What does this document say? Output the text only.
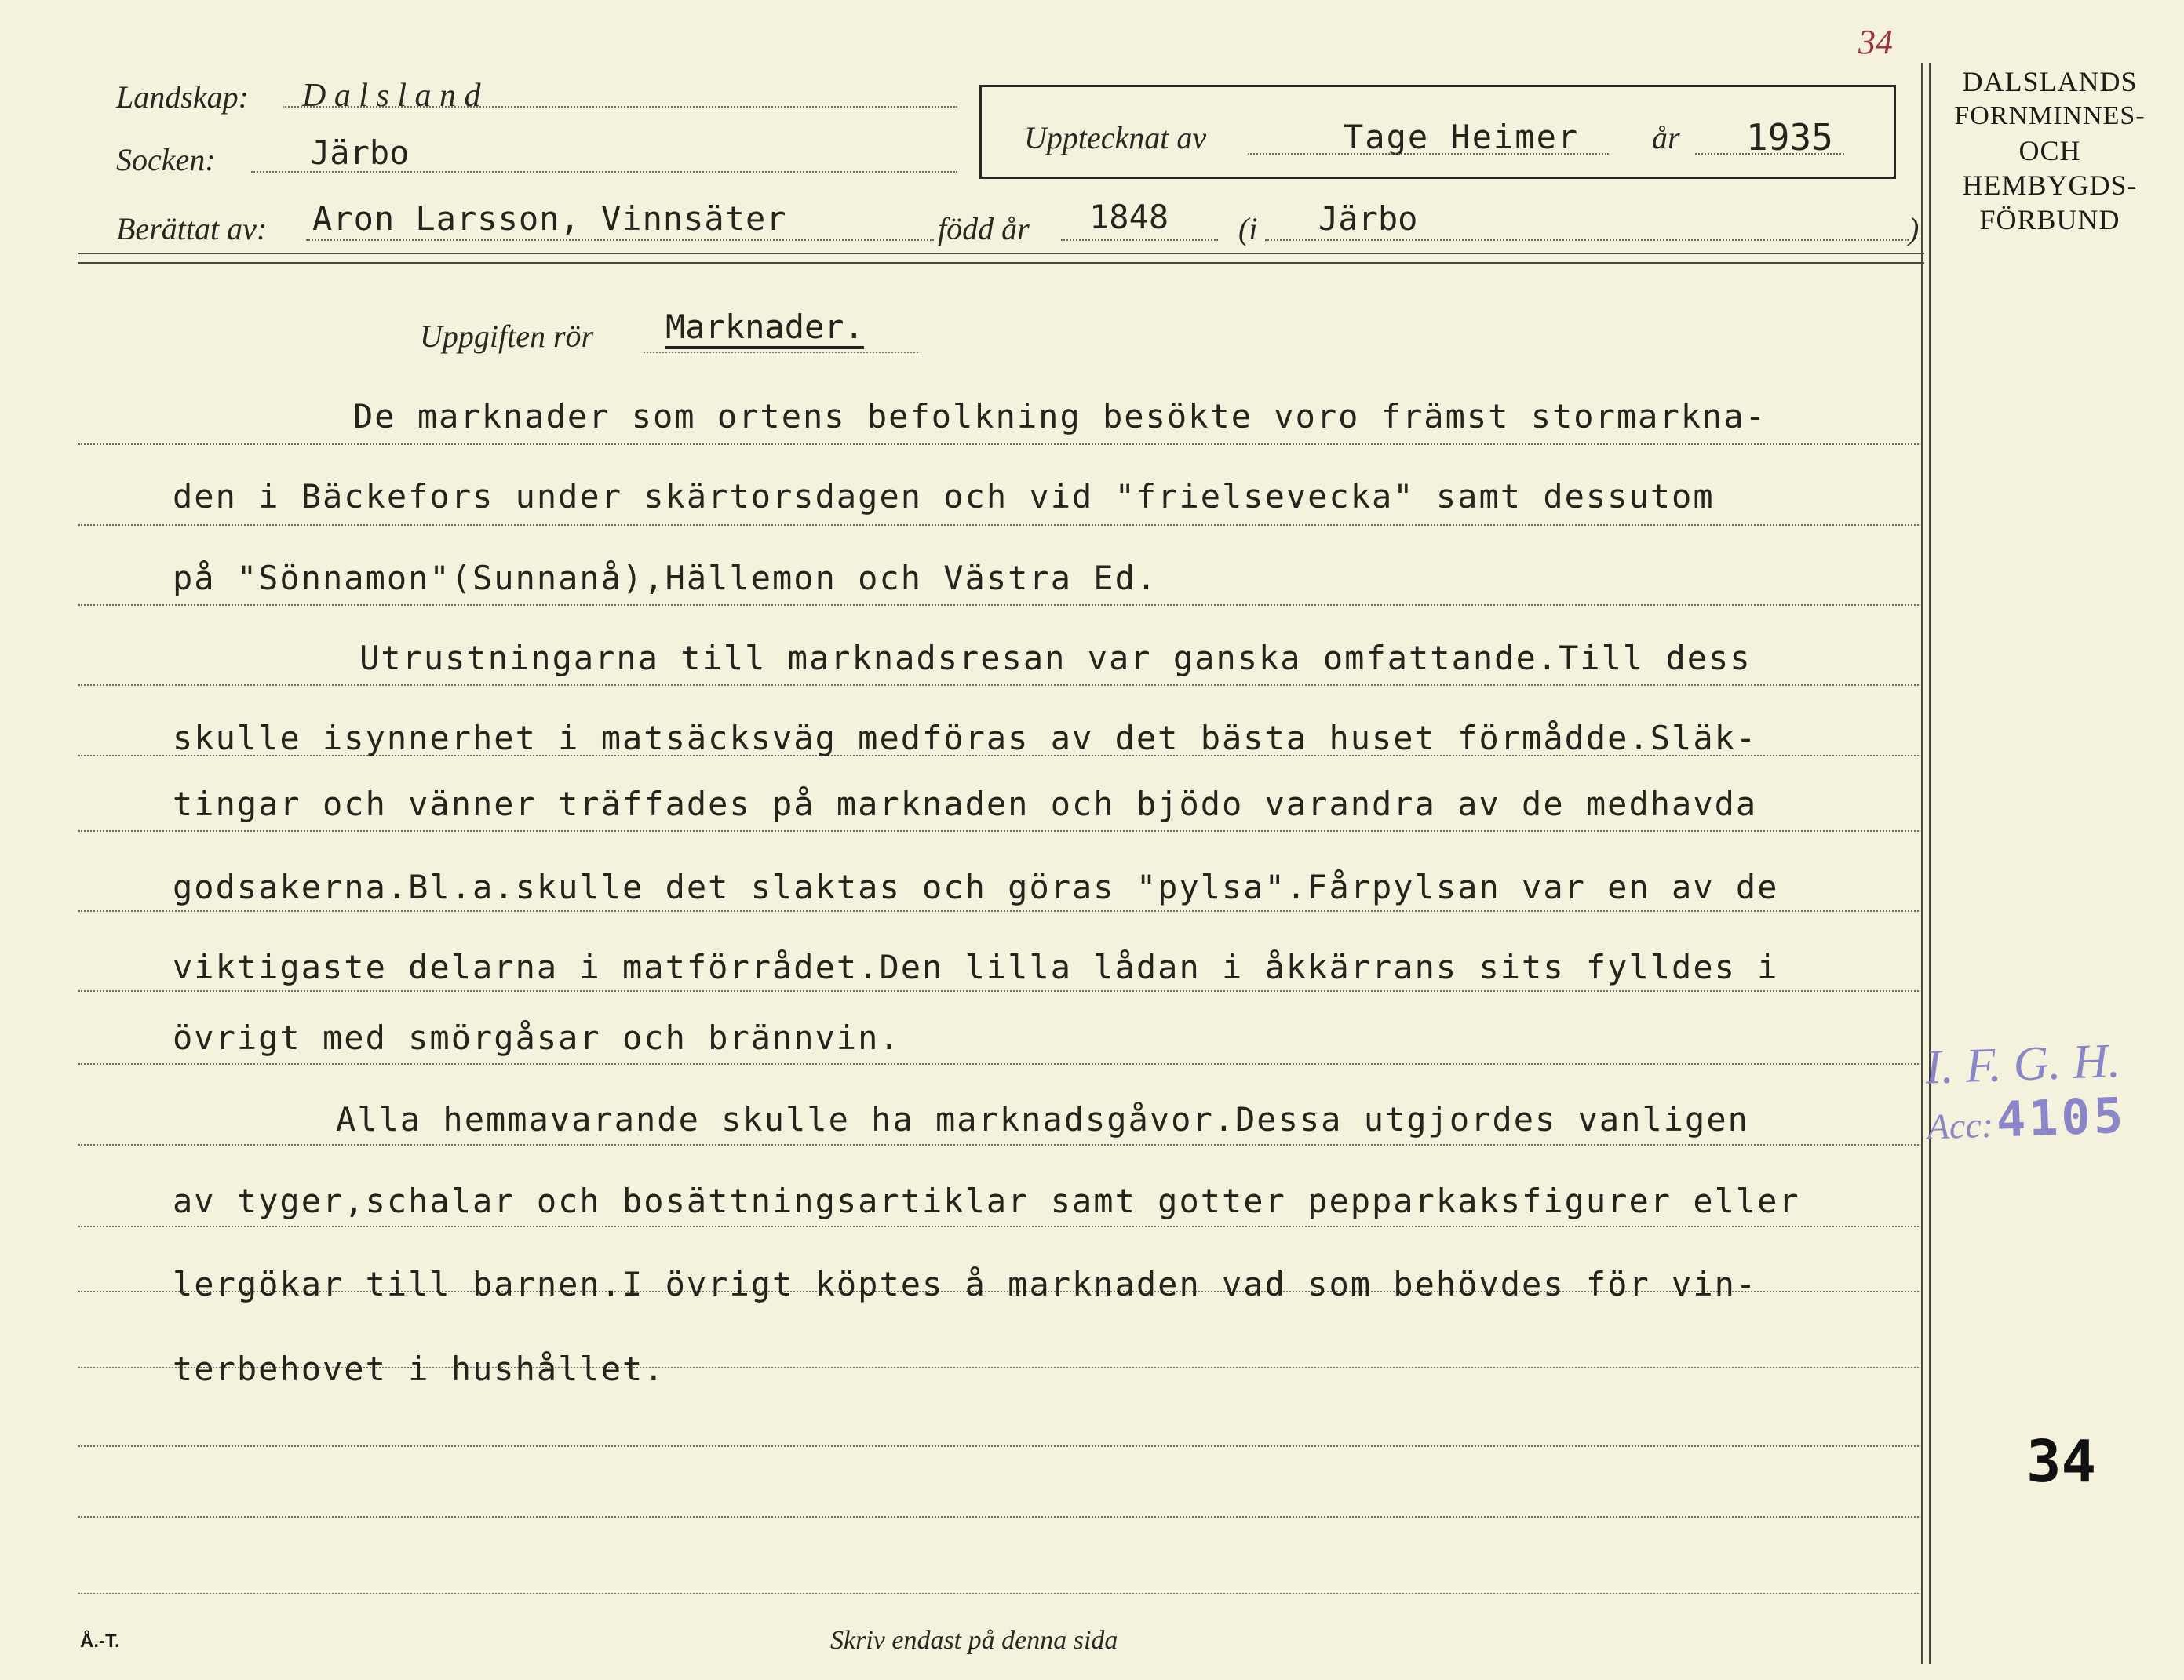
34
Landskap: D a l s l a n d
Socken:	Järbo
Berättat av: Aron Larsson, Vinnsäter	född år 1848 (i Järbo	)
Upptecknat av	Tage Heimer år 1935
DALSLANDS
FORNMINNES-
OCH
HEMBYGDS-
FÖRBUND
Uppgiften rör Marknader.
De marknader som ortens befolkning besökte voro främst stormarkna-
den i Bäckefors under skärtorsdagen och vid "frielsevecka" samt dessutom
på "Sönnamon"(Sunnanå),Hällemon och Västra Ed.
Utrustningarna till marknadsresan var ganska omfattande.Till dess
skulle isynnerhet i matsäcksväg medföras av det bästa huset förmådde.Släk-
tingar och vänner träffades på marknaden och bjödo varandra av de medhavda
godsakerna.Bl.a.skulle det slaktas och göras "pylsa".Fårpylsan var en av de
viktigaste delarna i matförrådet.Den lilla lådan i åkkärrans sits fylldes i
övrigt med smörgåsar och brännvin.
Alla hemmavarande skulle ha marknadsgåvor.Dessa utgjordes vanligen
av tyger,schalar och bosättningsartiklar samt gotter pepparkaksfigurer eller
lergökar till barnen.I övrigt köptes å marknaden vad som behövdes för vin-
terbehovet i hushållet.
I. F. G. H.
Acc: 4105
34
Å.-T.	Skriv endast på denna sida
